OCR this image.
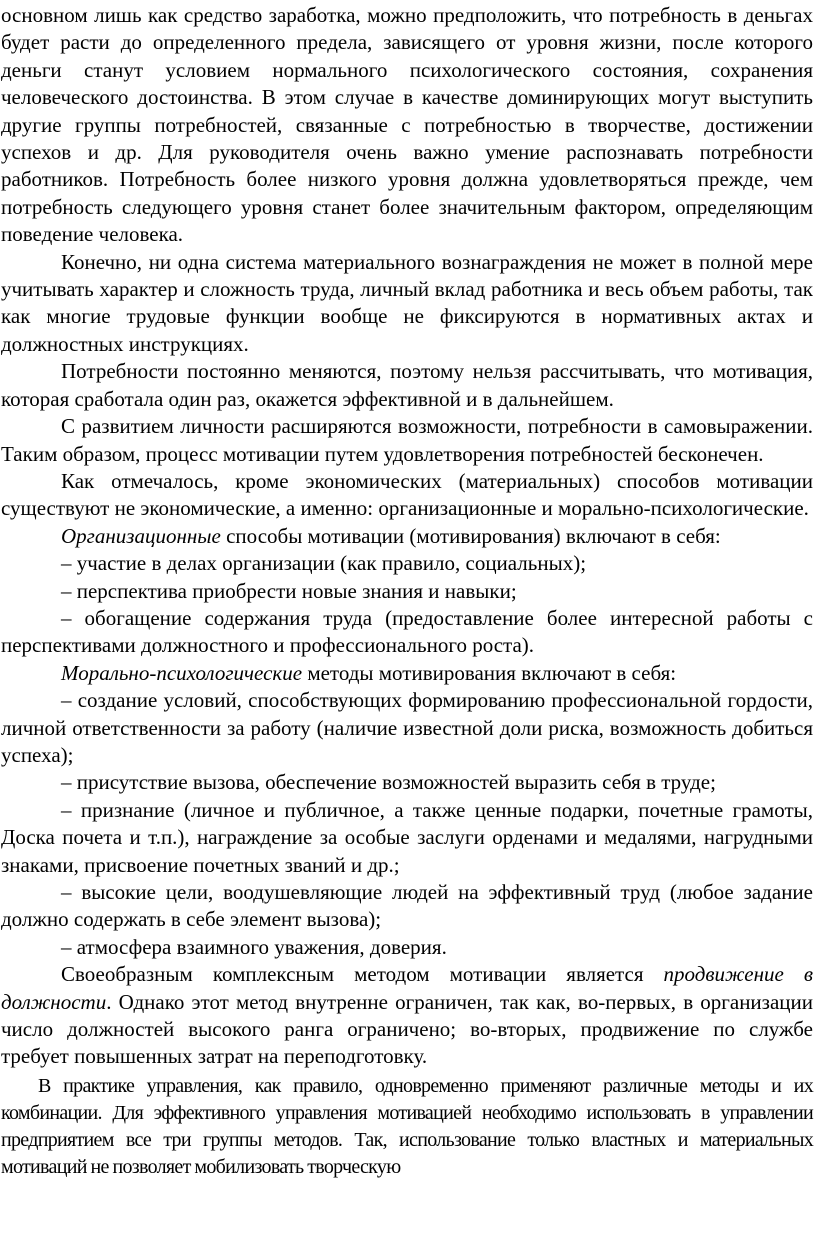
основном лишь как средство заработка, можно предположить, что потребность в деньгах будет расти до определенного предела, зависящего от уровня жизни, после которого деньги станут условием нормального психологического состояния, сохранения человеческого достоинства. В этом случае в качестве доминирующих могут выступить другие группы потребностей, связанные с потребностью в творчестве, достижении успехов и др. Для руководителя очень важно умение распознавать потребности работников. Потребность более низкого уровня должна удовлетворяться прежде, чем потребность следующего уровня станет более значительным фактором, определяющим поведение человека.

Конечно, ни одна система материального вознаграждения не может в полной мере учитывать характер и сложность труда, личный вклад работника и весь объем работы, так как многие трудовые функции вообще не фиксируются в нормативных актах и должностных инструкциях.

Потребности постоянно меняются, поэтому нельзя рассчитывать, что мотивация, которая сработала один раз, окажется эффективной и в дальнейшем.

С развитием личности расширяются возможности, потребности в самовыражении. Таким образом, процесс мотивации путем удовлетворения потребностей бесконечен.

Как отмечалось, кроме экономических (материальных) способов мотивации существуют не экономические, а именно: организационные и морально-психологические.

Организационные способы мотивации (мотивирования) включают в себя:

– участие в делах организации (как правило, социальных);

– перспектива приобрести новые знания и навыки;

– обогащение содержания труда (предоставление более интересной работы с перспективами должностного и профессионального роста).

Морально-психологические методы мотивирования включают в себя:

– создание условий, способствующих формированию профессиональной гордости, личной ответственности за работу (наличие известной доли риска, возможность добиться успеха);

– присутствие вызова, обеспечение возможностей выразить себя в труде;

– признание (личное и публичное, а также ценные подарки, почетные грамоты, Доска почета и т.п.), награждение за особые заслуги орденами и медалями, нагрудными знаками, присвоение почетных званий и др.;

– высокие цели, воодушевляющие людей на эффективный труд (любое задание должно содержать в себе элемент вызова);

– атмосфера взаимного уважения, доверия.

Своеобразным комплексным методом мотивации является продвижение в должности. Однако этот метод внутренне ограничен, так как, во-первых, в организации число должностей высокого ранга ограничено; во-вторых, продвижение по службе требует повышенных затрат на переподготовку.

В практике управления, как правило, одновременно применяют различные методы и их комбинации. Для эффективного управления мотивацией необходимо использовать в управлении предприятием все три группы методов. Так, использование только властных и материальных мотиваций не позволяет мобилизовать творческую
